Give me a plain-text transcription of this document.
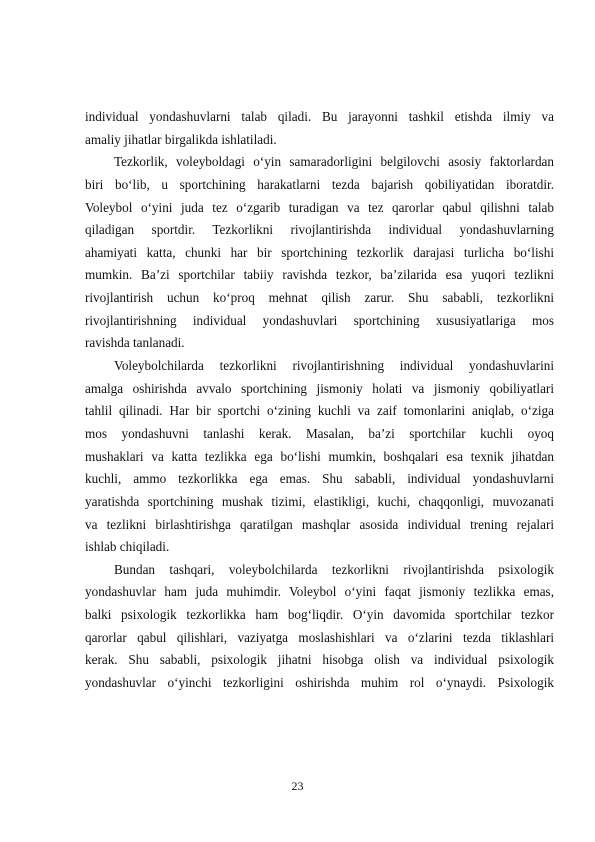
individual yondashuvlarni talab qiladi. Bu jarayonni tashkil etishda ilmiy va
amaliy jihatlar birgalikda ishlatiladi.
Tezkorlik, voleyboldagi o‘yin samaradorligini belgilovchi asosiy faktorlardan
biri bo‘lib, u sportchining harakatlarni tezda bajarish qobiliyatidan iboratdir.
Voleybol o‘yini juda tez o‘zgarib turadigan va tez qarorlar qabul qilishni talab
qiladigan sportdir. Tezkorlikni rivojlantirishda individual yondashuvlarning
ahamiyati katta, chunki har bir sportchining tezkorlik darajasi turlicha bo‘lishi
mumkin. Ba’zi sportchilar tabiiy ravishda tezkor, ba’zilarida esa yuqori tezlikni
rivojlantirish uchun ko‘proq mehnat qilish zarur. Shu sababli, tezkorlikni
rivojlantirishning individual yondashuvlari sportchining xususiyatlariga mos
ravishda tanlanadi.
Voleybolchilarda tezkorlikni rivojlantirishning individual yondashuvlarini
amalga oshirishda avvalo sportchining jismoniy holati va jismoniy qobiliyatlari
tahlil qilinadi. Har bir sportchi o‘zining kuchli va zaif tomonlarini aniqlab, o‘ziga
mos yondashuvni tanlashi kerak. Masalan, ba’zi sportchilar kuchli oyoq
mushaklari va katta tezlikka ega bo‘lishi mumkin, boshqalari esa texnik jihatdan
kuchli, ammo tezkorlikka ega emas. Shu sababli, individual yondashuvlarni
yaratishda sportchining mushak tizimi, elastikligi, kuchi, chaqqonligi, muvozanati
va tezlikni birlashtirishga qaratilgan mashqlar asosida individual trening rejalari
ishlab chiqiladi.
Bundan tashqari, voleybolchilarda tezkorlikni rivojlantirishda psixologik
yondashuvlar ham juda muhimdir. Voleybol o‘yini faqat jismoniy tezlikka emas,
balki psixologik tezkorlikka ham bog‘liqdir. O‘yin davomida sportchilar tezkor
qarorlar qabul qilishlari, vaziyatga moslashishlari va o‘zlarini tezda tiklashlari
kerak. Shu sababli, psixologik jihatni hisobga olish va individual psixologik
yondashuvlar o‘yinchi tezkorligini oshirishda muhim rol o‘ynaydi. Psixologik
23
